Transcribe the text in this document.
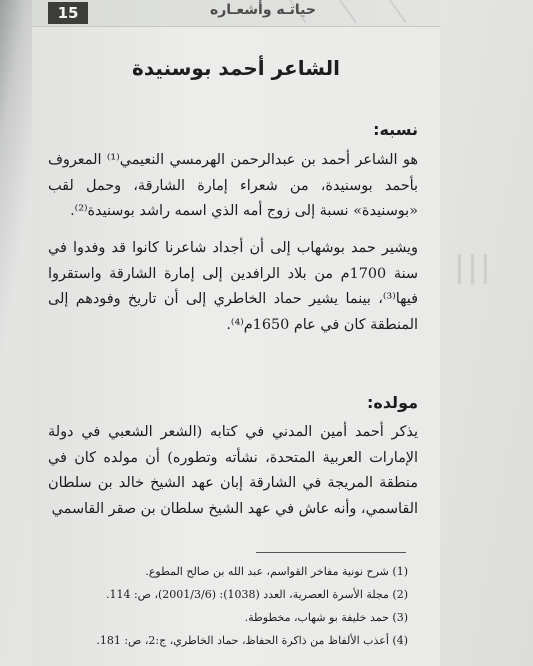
15	حياتـه وأشعـاره
|||
الشاعر أحمد بوسنيدة
نسبه:

هو الشاعر أحمد بن عبدالرحمن الهرمسي النعيمي⁽¹⁾ المعروف بأحمد بوسنيدة، من شعراء إمارة الشارقة، وحمل لقب «بوسنيدة» نسبة إلى زوج أمه الذي اسمه راشد بوسنيدة⁽²⁾.

ويشير حمد بوشهاب إلى أن أجداد شاعرنا كانوا قد وفدوا في سنة 1700م من بلاد الرافدين إلى إمارة الشارقة واستقروا فيها⁽³⁾، بينما يشير حماد الخاطري إلى أن تاريخ وفودهم إلى المنطقة كان في عام 1650م⁽⁴⁾.

مولده:

يذكر أحمد أمين المدني في كتابه (الشعر الشعبي في دولة الإمارات العربية المتحدة، نشأته وتطوره) أن مولده كان في منطقة المريجة في الشارقة إبان عهد الشيخ خالد بن سلطان القاسمي، وأنه عاش في عهد الشيخ سلطان بن صقر القاسمي

(1) شرح نونية مفاخر القواسم، عبد الله بن صالح المطوع.
(2) مجلة الأسرة العصرية، العدد (1038): (2001/3/6)، ص: 114.
(3) حمد خليفة بو شهاب، مخطوطة.
(4) أعذب الألفاظ من ذاكرة الحفاظ، حماد الخاطري، ج:2، ص: 181.
